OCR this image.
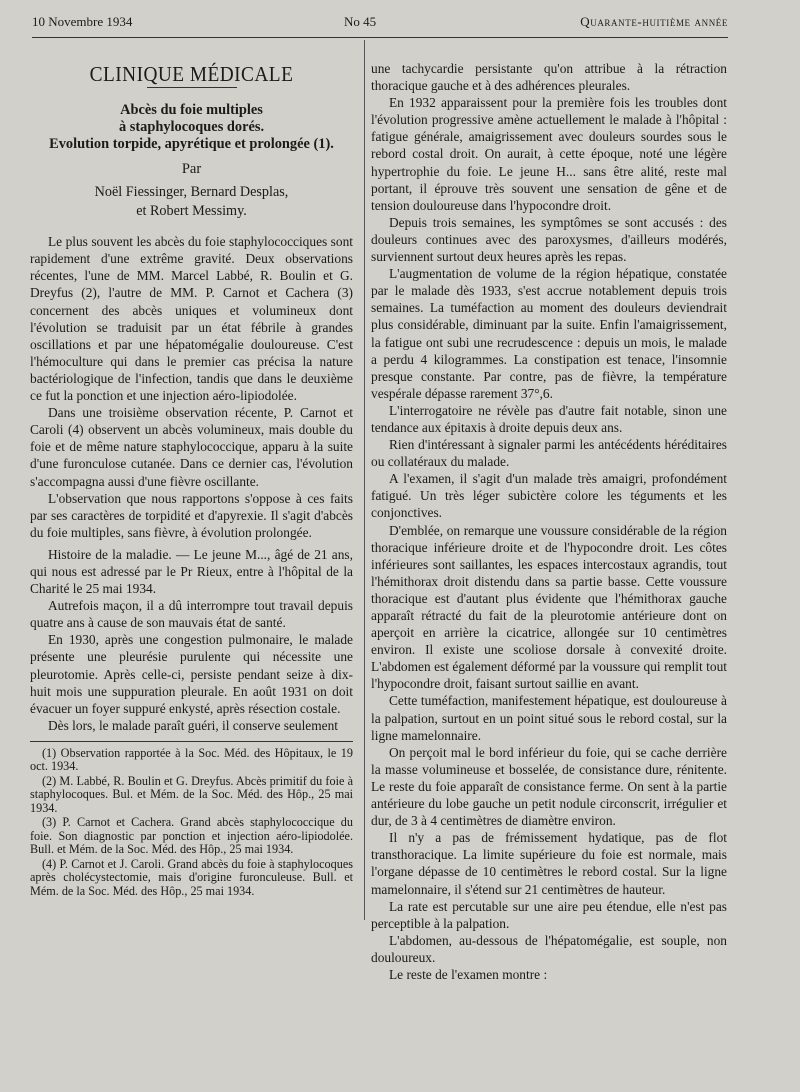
10 Novembre 1934	No 45	Quarante-huitième année
CLINIQUE MÉDICALE

Abcès du foie multiples

à staphylocoques dorés.

Evolution torpide, apyrétique et prolongée (1).

Par

Noël Fiessinger, Bernard Desplas,

et Robert Messimy.

Le plus souvent les abcès du foie staphylococciques sont rapidement d'une extrême gravité. Deux observations récentes, l'une de MM. Marcel Labbé, R. Boulin et G. Dreyfus (2), l'autre de MM. P. Carnot et Cachera (3) concernent des abcès uniques et volumineux dont l'évolution se traduisit par un état fébrile à grandes oscillations et par une hépatomégalie douloureuse. C'est l'hémoculture qui dans le premier cas précisa la nature bactériologique de l'infection, tandis que dans le deuxième ce fut la ponction et une injection aéro-lipiodolée.

Dans une troisième observation récente, P. Carnot et Caroli (4) observent un abcès volumineux, mais double du foie et de même nature staphylococcique, apparu à la suite d'une furonculose cutanée. Dans ce dernier cas, l'évolution s'accompagna aussi d'une fièvre oscillante.

L'observation que nous rapportons s'oppose à ces faits par ses caractères de torpidité et d'apyrexie. Il s'agit d'abcès du foie multiples, sans fièvre, à évolution prolongée.

Histoire de la maladie. — Le jeune M..., âgé de 21 ans, qui nous est adressé par le Pr Rieux, entre à l'hôpital de la Charité le 25 mai 1934.

Autrefois maçon, il a dû interrompre tout travail depuis quatre ans à cause de son mauvais état de santé.

En 1930, après une congestion pulmonaire, le malade présente une pleurésie purulente qui nécessite une pleurotomie. Après celle-ci, persiste pendant seize à dix-huit mois une suppuration pleurale. En août 1931 on doit évacuer un foyer suppuré enkysté, après résection costale.

Dès lors, le malade paraît guéri, il conserve seulement

(1) Observation rapportée à la Soc. Méd. des Hôpitaux, le 19 oct. 1934.

(2) M. Labbé, R. Boulin et G. Dreyfus. Abcès primitif du foie à staphylocoques. Bul. et Mém. de la Soc. Méd. des Hôp., 25 mai 1934.

(3) P. Carnot et Cachera. Grand abcès staphylococcique du foie. Son diagnostic par ponction et injection aéro-lipiodolée. Bull. et Mém. de la Soc. Méd. des Hôp., 25 mai 1934.

(4) P. Carnot et J. Caroli. Grand abcès du foie à staphylocoques après cholécystectomie, mais d'origine furonculeuse. Bull. et Mém. de la Soc. Méd. des Hôp., 25 mai 1934.

une tachycardie persistante qu'on attribue à la rétraction thoracique gauche et à des adhérences pleurales.

En 1932 apparaissent pour la première fois les troubles dont l'évolution progressive amène actuellement le malade à l'hôpital : fatigue générale, amaigrissement avec douleurs sourdes sous le rebord costal droit. On aurait, à cette époque, noté une légère hypertrophie du foie. Le jeune H... sans être alité, reste mal portant, il éprouve très souvent une sensation de gêne et de tension douloureuse dans l'hypocondre droit.

Depuis trois semaines, les symptômes se sont accusés : des douleurs continues avec des paroxysmes, d'ailleurs modérés, surviennent surtout deux heures après les repas.

L'augmentation de volume de la région hépatique, constatée par le malade dès 1933, s'est accrue notablement depuis trois semaines. La tuméfaction au moment des douleurs deviendrait plus considérable, diminuant par la suite. Enfin l'amaigrissement, la fatigue ont subi une recrudescence : depuis un mois, le malade a perdu 4 kilogrammes. La constipation est tenace, l'insomnie presque constante. Par contre, pas de fièvre, la température vespérale dépasse rarement 37°,6.

L'interrogatoire ne révèle pas d'autre fait notable, sinon une tendance aux épitaxis à droite depuis deux ans.

Rien d'intéressant à signaler parmi les antécédents héréditaires ou collatéraux du malade.

A l'examen, il s'agit d'un malade très amaigri, profondément fatigué. Un très léger subictère colore les téguments et les conjonctives.

D'emblée, on remarque une voussure considérable de la région thoracique inférieure droite et de l'hypocondre droit. Les côtes inférieures sont saillantes, les espaces intercostaux agrandis, tout l'hémithorax droit distendu dans sa partie basse. Cette voussure thoracique est d'autant plus évidente que l'hémithorax gauche apparaît rétracté du fait de la pleurotomie antérieure dont on aperçoit en arrière la cicatrice, allongée sur 10 centimètres environ. Il existe une scoliose dorsale à convexité droite. L'abdomen est également déformé par la voussure qui remplit tout l'hypocondre droit, faisant surtout saillie en avant.

Cette tuméfaction, manifestement hépatique, est douloureuse à la palpation, surtout en un point situé sous le rebord costal, sur la ligne mamelonnaire.

On perçoit mal le bord inférieur du foie, qui se cache derrière la masse volumineuse et bosselée, de consistance dure, rénitente. Le reste du foie apparaît de consistance ferme. On sent à la partie antérieure du lobe gauche un petit nodule circonscrit, irrégulier et dur, de 3 à 4 centimètres de diamètre environ.

Il n'y a pas de frémissement hydatique, pas de flot transthoracique. La limite supérieure du foie est normale, mais l'organe dépasse de 10 centimètres le rebord costal. Sur la ligne mamelonnaire, il s'étend sur 21 centimètres de hauteur.

La rate est percutable sur une aire peu étendue, elle n'est pas perceptible à la palpation.

L'abdomen, au-dessous de l'hépatomégalie, est souple, non douloureux.

Le reste de l'examen montre :
